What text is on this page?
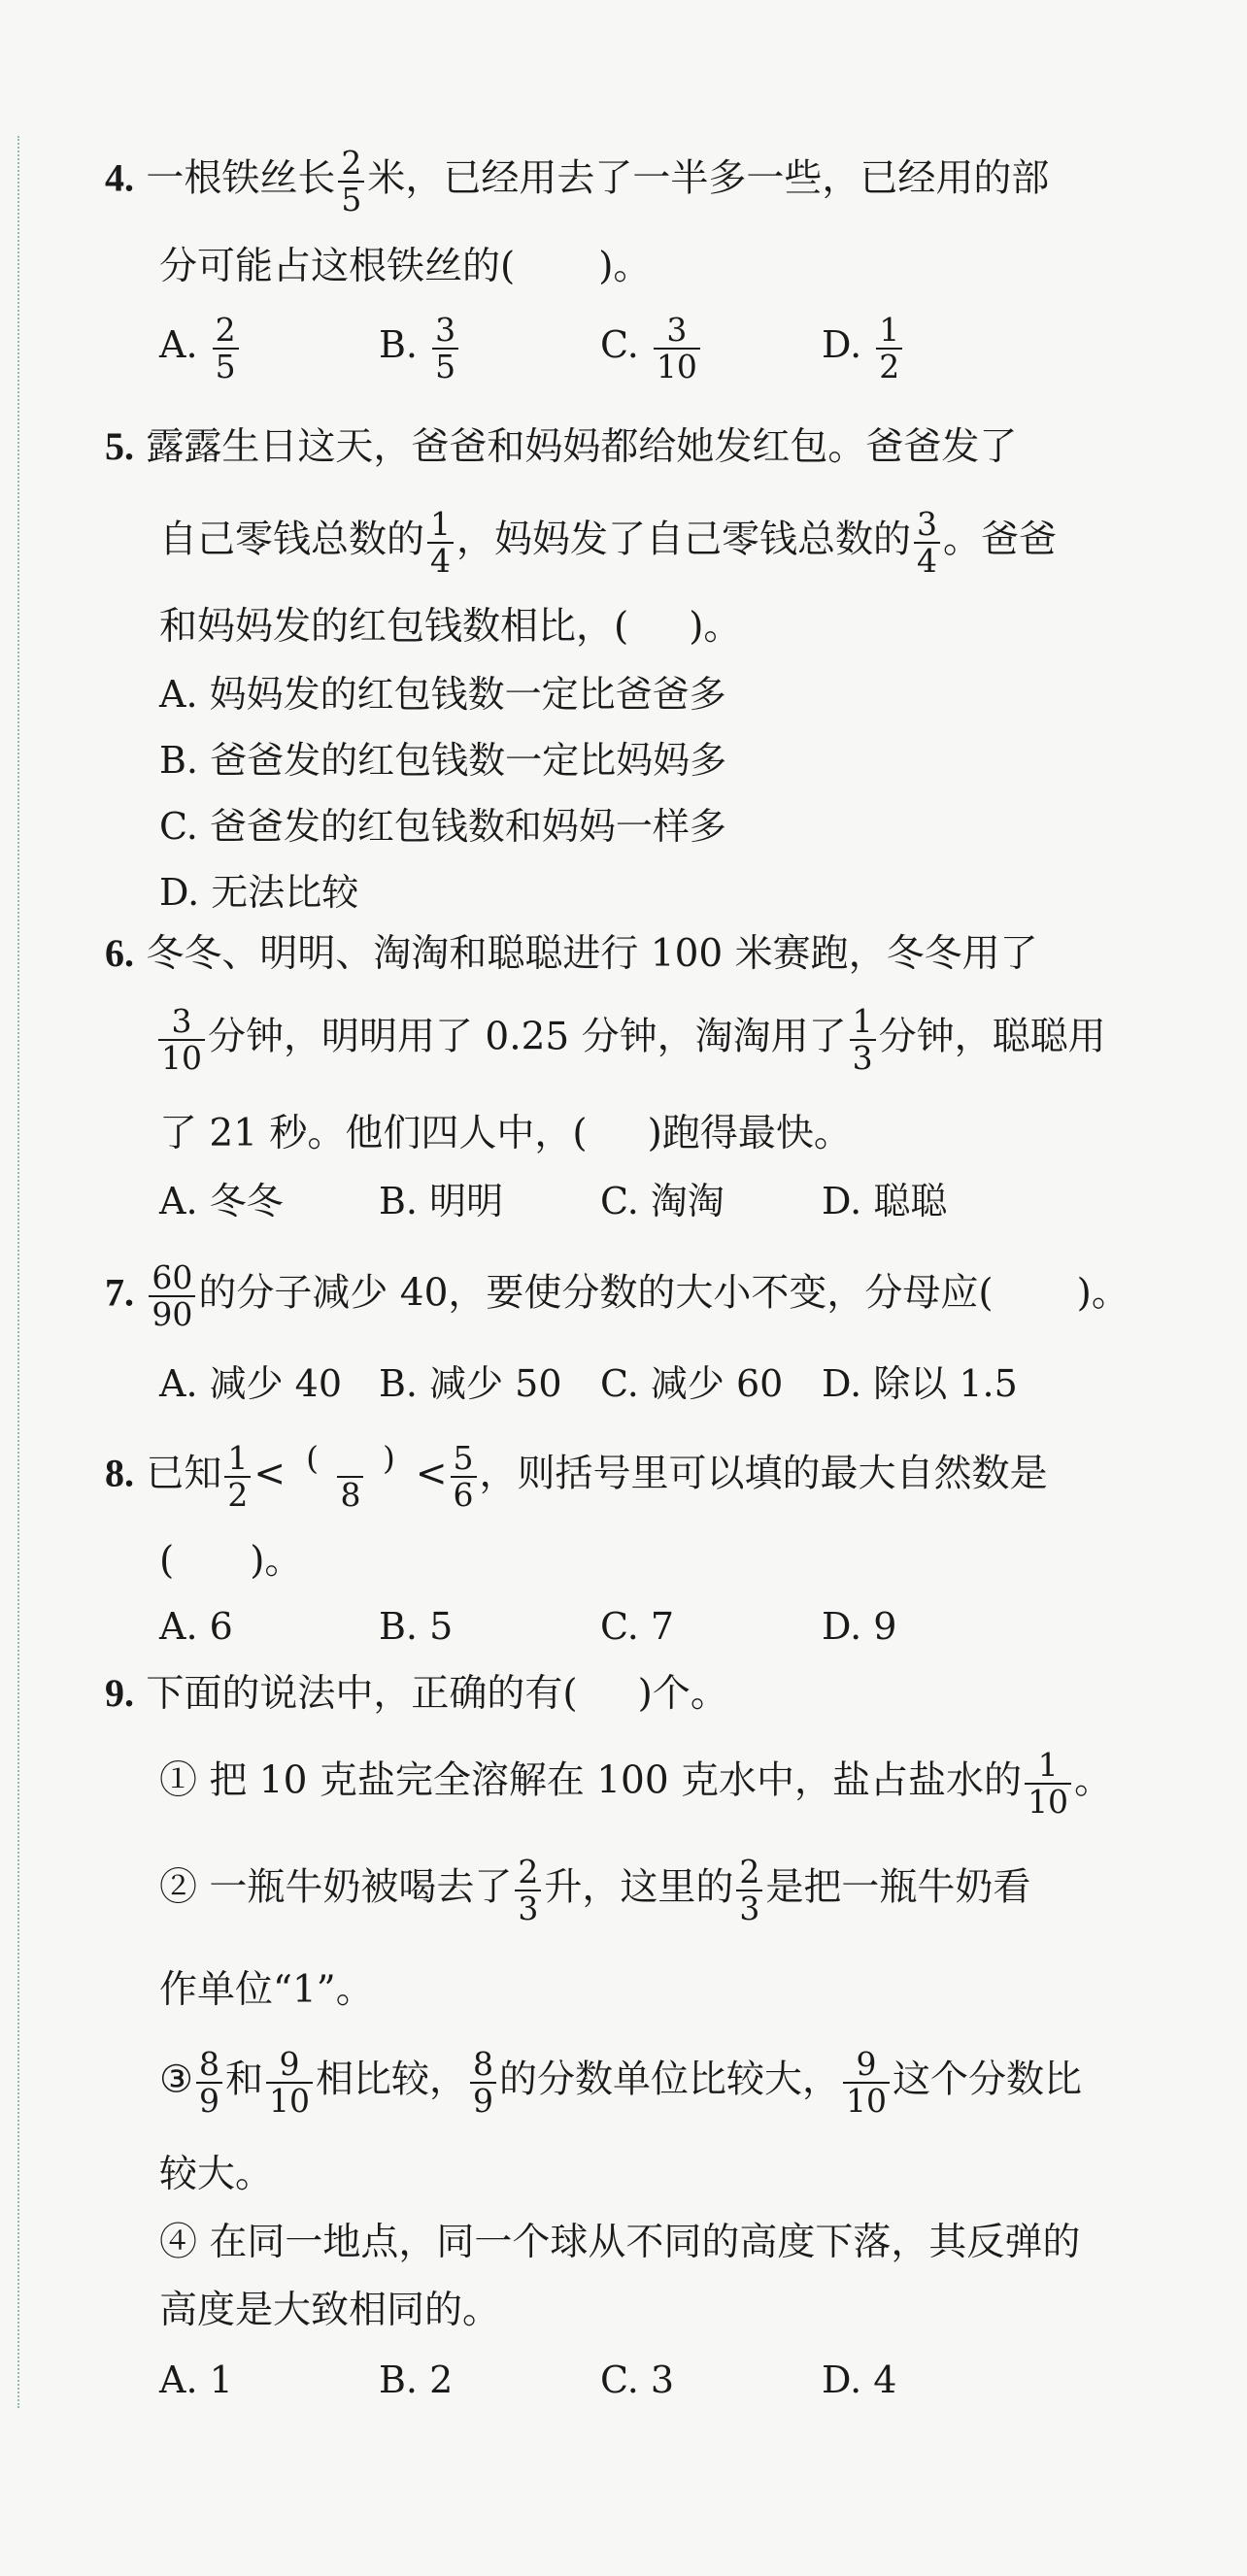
4. 一根铁丝长 $\frac{2}{5}$ 米，已经用去了一半多一些，已经用的部
分可能占这根铁丝的( )。
A. $\frac{2}{5}$	B. $\frac{3}{5}$	C. $\frac{3}{10}$	D. $\frac{1}{2}$
5. 露露生日这天，爸爸和妈妈都给她发红包。爸爸发了
自己零钱总数的 $\frac{1}{4}$ ，妈妈发了自己零钱总数的 $\frac{3}{4}$ 。爸爸
和妈妈发的红包钱数相比，( )。
A. 妈妈发的红包钱数一定比爸爸多
B. 爸爸发的红包钱数一定比妈妈多
C. 爸爸发的红包钱数和妈妈一样多
D. 无法比较
6. 冬冬、明明、淘淘和聪聪进行 100 米赛跑，冬冬用了
$\frac{3}{10}$ 分钟，明明用了 0.25 分钟，淘淘用了 $\frac{1}{3}$ 分钟，聪聪用
了 21 秒。他们四人中，( )跑得最快。
A. 冬冬	B. 明明	C. 淘淘	D. 聪聪
7. $\frac{60}{90}$ 的分子减少 40，要使分数的大小不变，分母应( )。
A. 减少 40 B. 减少 50 C. 减少 60 D. 除以 1.5
8. 已知 $\frac{1}{2} < \frac{( )}{8} < \frac{5}{6}$ ，则括号里可以填的最大自然数是
(　　)。
A. 6	B. 5	C. 7	D. 9
9. 下面的说法中，正确的有( )个。
① 把 10 克盐完全溶解在 100 克水中，盐占盐水的 $\frac{1}{10}$ 。
② 一瓶牛奶被喝去了 $\frac{2}{3}$ 升，这里的 $\frac{2}{3}$ 是把一瓶牛奶看
作单位“1”。
③ $\frac{8}{9}$ 和 $\frac{9}{10}$ 相比较， $\frac{8}{9}$ 的分数单位比较大， $\frac{9}{10}$ 这个分数比
较大。
④ 在同一地点，同一个球从不同的高度下落，其反弹的
高度是大致相同的。
A. 1	B. 2	C. 3	D. 4
